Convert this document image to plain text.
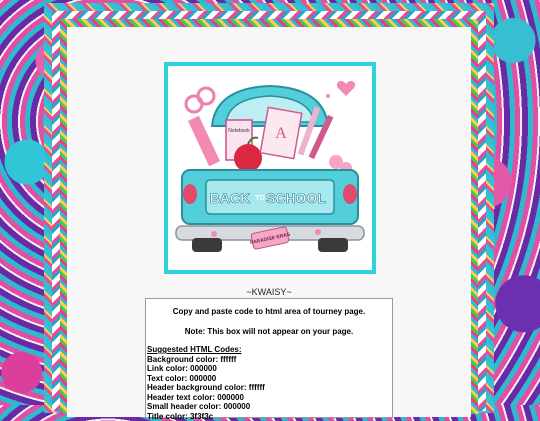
Notebook A
BACK TO SCHOOL
PARADISE ERAS
~KWAISY~

Copy and paste code to html area of tourney page.

Note: This box will not appear on your page.

Suggested HTML Codes:
Background color: ffffff
Link color: 000000
Text color: 000000
Header background color: ffffff
Header text color: 000000
Small header color: 000000
Title color: 3f3f3c
